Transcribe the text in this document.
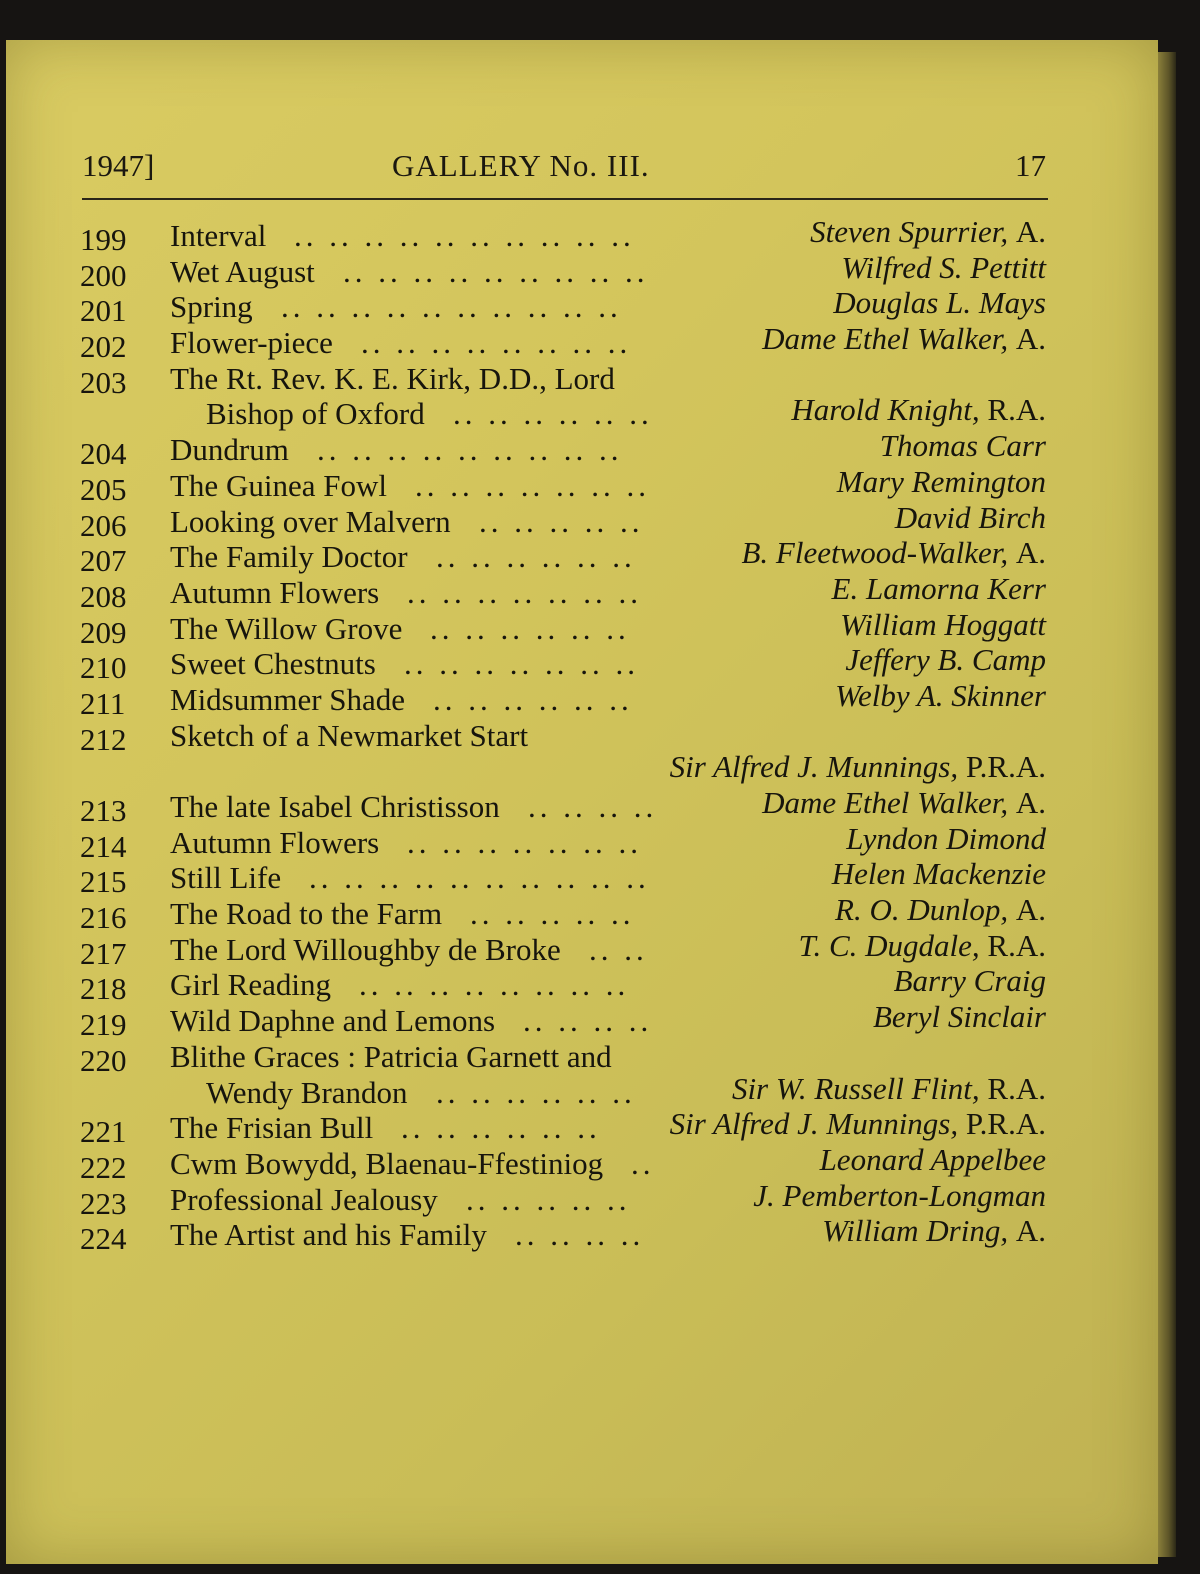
1947]	GALLERY No. III.	17
199 Interval	Steven Spurrier, A.
.. .. .. .. .. .. .. .. .. ..
200 Wet August	Wilfred S. Pettitt
.. .. .. .. .. .. .. .. ..
201 Spring	Douglas L. Mays
.. .. .. .. .. .. .. .. .. ..
202 Flower-piece	Dame Ethel Walker, A.
.. .. .. .. .. .. .. ..
203 The Rt. Rev. K. E. Kirk, D.D., Lord
Bishop of Oxford	Harold Knight, R.A.
.. .. .. .. .. ..
204 Dundrum	Thomas Carr
.. .. .. .. .. .. .. .. ..
205 The Guinea Fowl	Mary Remington
.. .. .. .. .. .. ..
206 Looking over Malvern	David Birch
.. .. .. .. ..
207 The Family Doctor	B. Fleetwood-Walker, A.
.. .. .. .. .. ..
208 Autumn Flowers	E. Lamorna Kerr
.. .. .. .. .. .. ..
209 The Willow Grove	William Hoggatt
.. .. .. .. .. ..
210 Sweet Chestnuts	Jeffery B. Camp
.. .. .. .. .. .. ..
211 Midsummer Shade	Welby A. Skinner
.. .. .. .. .. ..
212 Sketch of a Newmarket Start
Sir Alfred J. Munnings, P.R.A.
213 The late Isabel Christisson	Dame Ethel Walker, A.
.. .. .. ..
214 Autumn Flowers	Lyndon Dimond
.. .. .. .. .. .. ..
215 Still Life	Helen Mackenzie
.. .. .. .. .. .. .. .. .. ..
216 The Road to the Farm	R. O. Dunlop, A.
.. .. .. .. ..
217 The Lord Willoughby de Broke	T. C. Dugdale, R.A.
.. ..
218 Girl Reading	Barry Craig
.. .. .. .. .. .. .. ..
219 Wild Daphne and Lemons	Beryl Sinclair
.. .. .. ..
220 Blithe Graces : Patricia Garnett and
Wendy Brandon	Sir W. Russell Flint, R.A.
.. .. .. .. .. ..
221 The Frisian Bull	Sir Alfred J. Munnings, P.R.A.
.. .. .. .. .. ..
222 Cwm Bowydd, Blaenau-Ffestiniog	Leonard Appelbee
..
223 Professional Jealousy	J. Pemberton-Longman
.. .. .. .. ..
224 The Artist and his Family	William Dring, A.
.. .. .. ..
